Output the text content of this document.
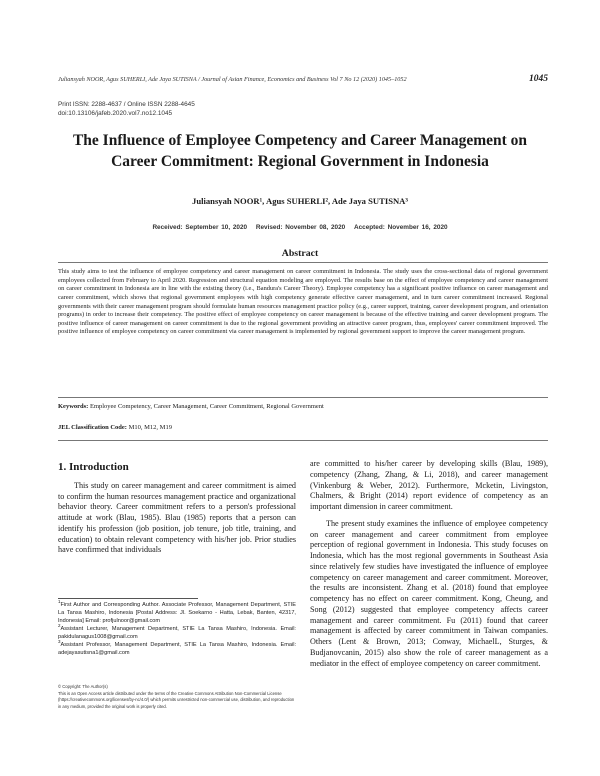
Juliansyah NOOR, Agus SUHERLI, Ade Jaya SUTISNA / Journal of Asian Finance, Economics and Business Vol 7 No 12 (2020) 1045–1052	1045
Print ISSN: 2288-4637 / Online ISSN 2288-4645
doi:10.13106/jafeb.2020.vol7.no12.1045
The Influence of Employee Competency and Career Management on
Career Commitment: Regional Government in Indonesia
Juliansyah NOOR¹, Agus SUHERLI², Ade Jaya SUTISNA³
Received: September 10, 2020 Revised: November 08, 2020 Accepted: November 16, 2020
Abstract
This study aims to test the influence of employee competency and career management on career commitment in Indonesia. The study uses the cross-sectional data of regional government employees collected from February to April 2020. Regression and structural equation modeling are employed. The results base on the effect of employee competency and career management on career commitment in Indonesia are in line with the existing theory (i.e., Bandura's Career Theory). Employee competency has a significant positive influence on career management and career commitment, which shows that regional government employees with high competency generate effective career management, and in turn career commitment increased. Regional governments with their career management program should formulate human resources management practice policy (e.g., career support, training, career development program, and orientation programs) in order to increase their competency. The positive effect of employee competency on career management is because of the effective training and career development program. The positive influence of career management on career commitment is due to the regional government providing an attractive career program, thus, employees' career commitment improved. The positive influence of employee competency on career commitment via career management is implemented by regional government support to improve the career management program.
Keywords: Employee Competency, Career Management, Career Commitment, Regional Government
JEL Classification Code: M10, M12, M19
1. Introduction

This study on career management and career commitment is aimed to confirm the human resources management practice and organizational behavior theory. Career commitment refers to a person's professional attitude at work (Blau, 1985). Blau (1985) reports that a person can identify his profession (job position, job tenure, job title, training, and education) to obtain relevant competency with his/her job. Prior studies have confirmed that individuals

are committed to his/her career by developing skills (Blau, 1989), competency (Zhang, Zhang, & Li, 2018), and career management (Vinkenburg & Weber, 2012). Furthermore, Mcketin, Livingston, Chalmers, & Bright (2014) report evidence of competency as an important dimension in career commitment.

The present study examines the influence of employee competency on career management and career commitment from employee perception of regional government in Indonesia. This study focuses on Indonesia, which has the most regional governments in Southeast Asia since relatively few studies have investigated the influence of employee competency on career management and career commitment. Moreover, the results are inconsistent. Zhang et al. (2018) found that employee competency has no effect on career commitment. Kong, Cheung, and Song (2012) suggested that employee competency affects career management and career commitment. Fu (2011) found that career management is affected by career commitment in Taiwan companies. Others (Lent & Brown, 2013; Conway, MichaelL, Sturges, & Budjanovcanin, 2015) also show the role of career management as a mediator in the effect of employee competency on career commitment.

$^1$First Author and Corresponding Author. Associate Professor, Management Department, STIE La Tansa Mashiro, Indonesia [Postal Address: Jl. Soekarno - Hatta, Lebak, Banten, 42317, Indonesia] Email: profjulnoor@gmail.com
$^2$Assistant Lecturer, Management Department, STIE La Tansa Mashiro, Indonesia. Email: pakidulanagus1008@gmail.com
$^3$Assistant Professor, Management Department, STIE La Tansa Mashiro, Indonesia. Email: adejayasutisna1@gmail.com
© Copyright: The Author(s)
This is an Open Access article distributed under the terms of the Creative Commons Attribution Non-Commercial License (https://creativecommons.org/licenses/by-nc/4.0/) which permits unrestricted non-commercial use, distribution, and reproduction in any medium, provided the original work is properly cited.
